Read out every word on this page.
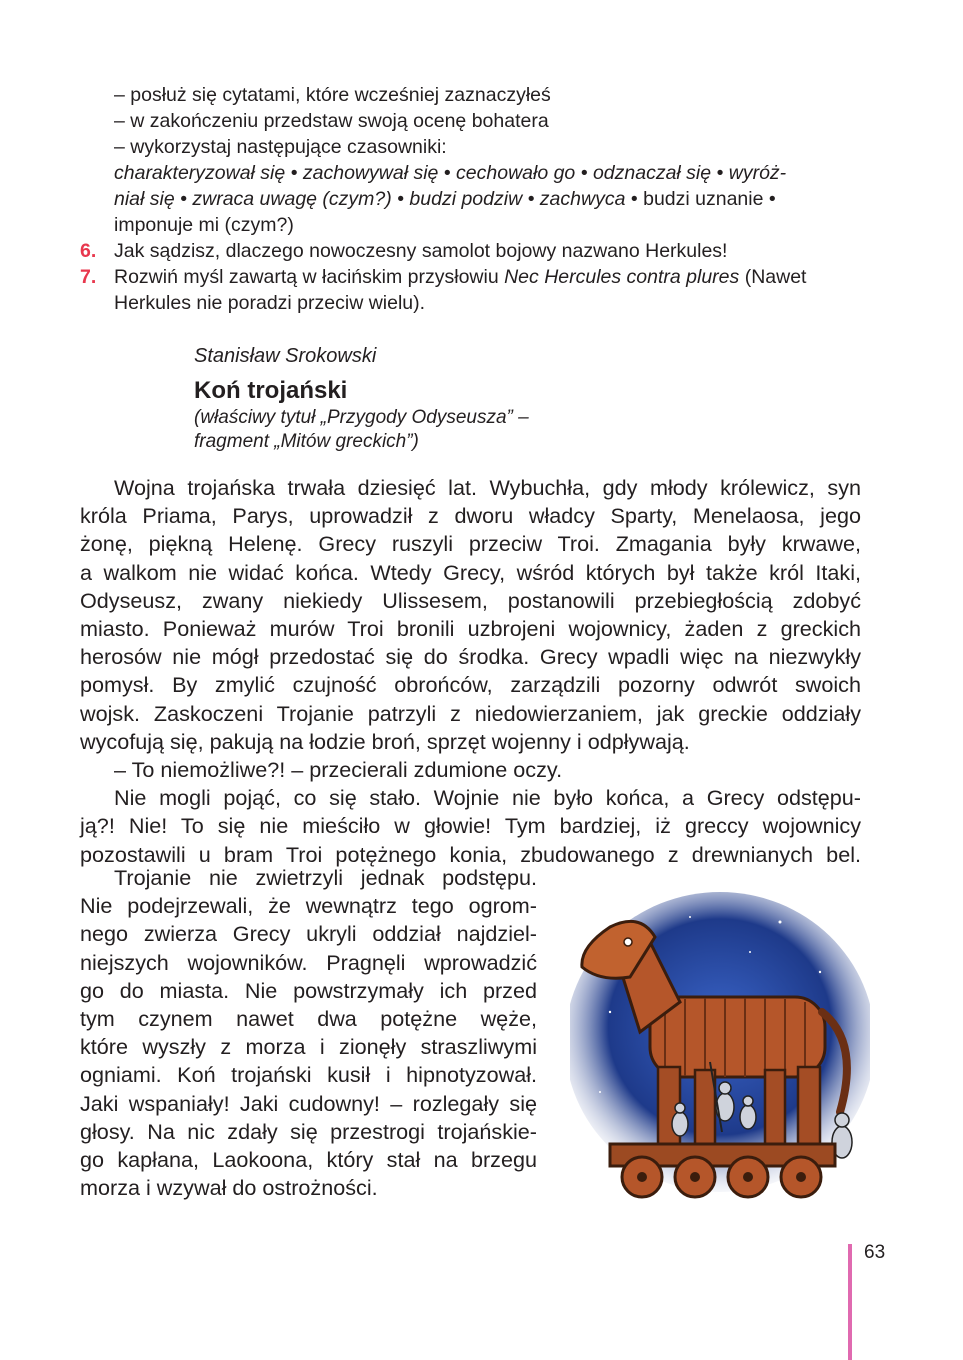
– posłuż się cytatami, które wcześniej zaznaczyłeś
– w zakończeniu przedstaw swoją ocenę bohatera
– wykorzystaj następujące czasowniki:
charakteryzował się • zachowywał się • cechowało go • odznaczał się • wyróż-
niał się • zwraca uwagę (czym?) • budzi podziw • zachwyca • budzi uznanie •
imponuje mi (czym?)
6. Jak sądzisz, dlaczego nowoczesny samolot bojowy nazwano Herkules!
7. Rozwiń myśl zawartą w łacińskim przysłowiu Nec Hercules contra plures (Nawet
Herkules nie poradzi przeciw wielu).
Stanisław Srokowski
Koń trojański
(właściwy tytuł „Przygody Odyseusza” –
fragment „Mitów greckich”)
Wojna trojańska trwała dziesięć lat. Wybuchła, gdy młody królewicz, syn
króla Priama, Parys, uprowadził z dworu władcy Sparty, Menelaosa, jego
żonę, piękną Helenę. Grecy ruszyli przeciw Troi. Zmagania były krwawe,
a walkom nie widać końca. Wtedy Grecy, wśród których był także król Itaki,
Odyseusz, zwany niekiedy Ulissesem, postanowili przebiegłością zdobyć
miasto. Ponieważ murów Troi bronili uzbrojeni wojownicy, żaden z greckich
herosów nie mógł przedostać się do środka. Grecy wpadli więc na niezwykły
pomysł. By zmylić czujność obrońców, zarządzili pozorny odwrót swoich
wojsk. Zaskoczeni Trojanie patrzyli z niedowierzaniem, jak greckie oddziały
wycofują się, pakują na łodzie broń, sprzęt wojenny i odpływają.
– To niemożliwe?! – przecierali zdumione oczy.
Nie mogli pojąć, co się stało. Wojnie nie było końca, a Grecy odstępu-
ją?! Nie! To się nie mieściło w głowie! Tym bardziej, iż greccy wojownicy
pozostawili u bram Troi potężnego konia, zbudowanego z drewnianych bel.
Trojanie nie zwietrzyli jednak podstępu.
Nie podejrzewali, że wewnątrz tego ogrom-
nego zwierza Grecy ukryli oddział najdziel-
niejszych wojowników. Pragnęli wprowadzić
go do miasta. Nie powstrzymały ich przed
tym czynem nawet dwa potężne węże,
które wyszły z morza i zionęły straszliwymi
ogniami. Koń trojański kusił i hipnotyzował.
Jaki wspaniały! Jaki cudowny! – rozlegały się
głosy. Na nic zdały się przestrogi trojańskie-
go kapłana, Laokoona, który stał na brzegu
morza i wzywał do ostrożności.
63
